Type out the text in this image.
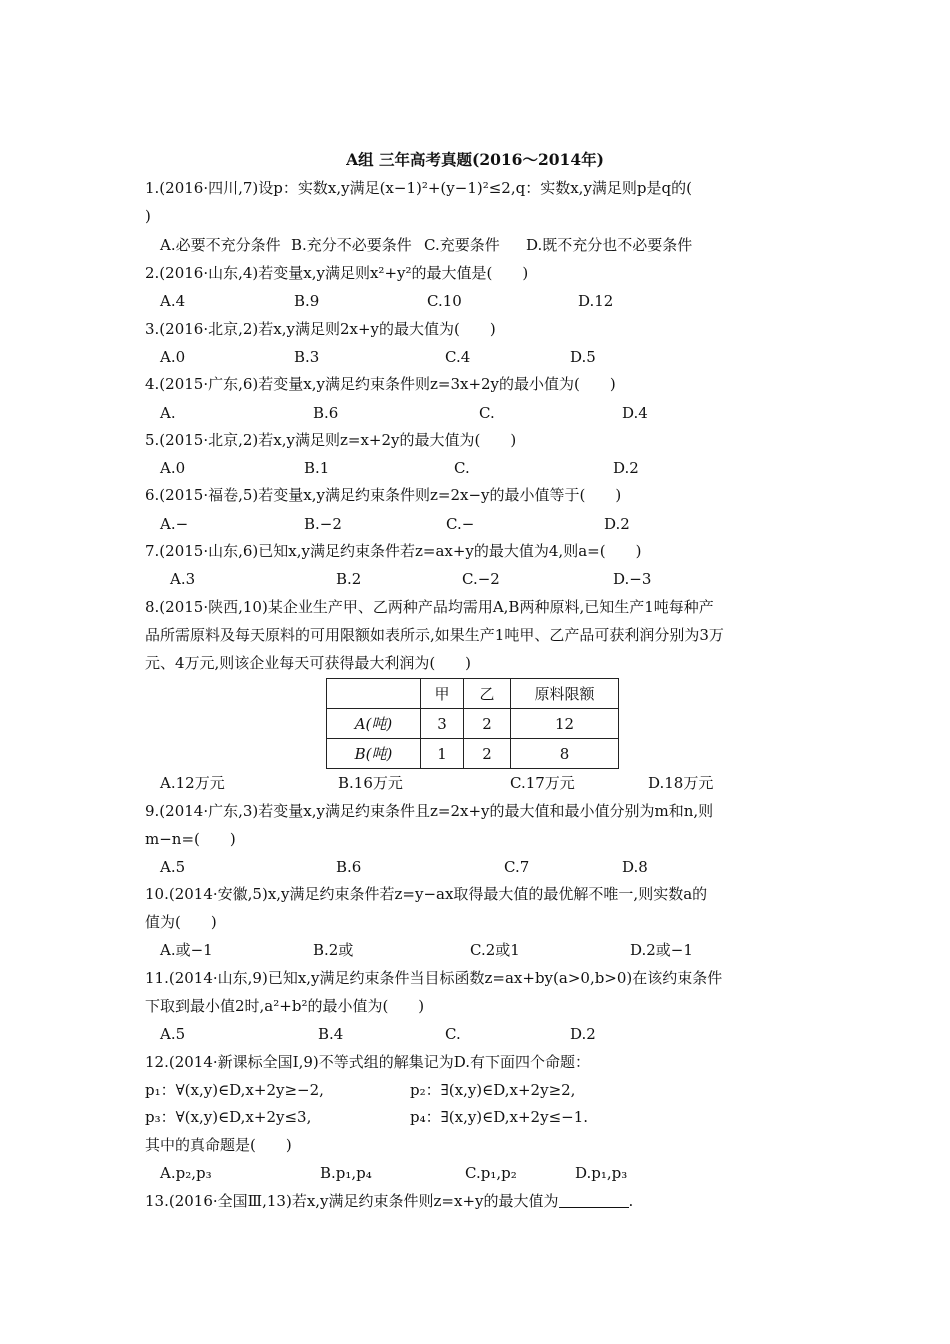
A组 三年高考真题(2016～2014年)
1.(2016·四川,7)设p：实数x,y满足(x−1)²+(y−1)²≤2,q：实数x,y满足则p是q的(
)
A.必要不充分条件 B.充分不必要条件 C.充要条件 D.既不充分也不必要条件
2.(2016·山东,4)若变量x,y满足则x²+y²的最大值是(　　)
A.4	B.9	C.10	D.12
3.(2016·北京,2)若x,y满足则2x+y的最大值为(　　)
A.0	B.3	C.4	D.5
4.(2015·广东,6)若变量x,y满足约束条件则z=3x+2y的最小值为(　　)
A.	B.6	C.	D.4
5.(2015·北京,2)若x,y满足则z=x+2y的最大值为(　　)
A.0	B.1	C.	D.2
6.(2015·福卷,5)若变量x,y满足约束条件则z=2x−y的最小值等于(　　)
A.−	B.−2	C.−	D.2
7.(2015·山东,6)已知x,y满足约束条件若z=ax+y的最大值为4,则a=(　　)
A.3	B.2	C.−2	D.−3
8.(2015·陕西,10)某企业生产甲、乙两种产品均需用A,B两种原料,已知生产1吨每种产
品所需原料及每天原料的可用限额如表所示,如果生产1吨甲、乙产品可获利润分别为3万
元、4万元,则该企业每天可获得最大利润为(　　)
	甲	乙	原料限额
A(吨)	3	2	12
B(吨)	1	2	8
A.12万元	B.16万元	C.17万元	D.18万元
9.(2014·广东,3)若变量x,y满足约束条件且z=2x+y的最大值和最小值分别为m和n,则
m−n=(　　)
A.5	B.6	C.7	D.8
10.(2014·安徽,5)x,y满足约束条件若z=y−ax取得最大值的最优解不唯一,则实数a的
值为(　　)
A.或−1	B.2或	C.2或1	D.2或−1
11.(2014·山东,9)已知x,y满足约束条件当目标函数z=ax+by(a>0,b>0)在该约束条件
下取到最小值2时,a²+b²的最小值为(　　)
A.5	B.4	C.	D.2
12.(2014·新课标全国Ⅰ,9)不等式组的解集记为D.有下面四个命题：
p₁：∀(x,y)∈D,x+2y≥−2,	p₂：∃(x,y)∈D,x+2y≥2,
p₃：∀(x,y)∈D,x+2y≤3,	p₄：∃(x,y)∈D,x+2y≤−1.
其中的真命题是(　　)
A.p₂,p₃	B.p₁,p₄	C.p₁,p₂	D.p₁,p₃
13.(2016·全国Ⅲ,13)若x,y满足约束条件则z=x+y的最大值为	.
